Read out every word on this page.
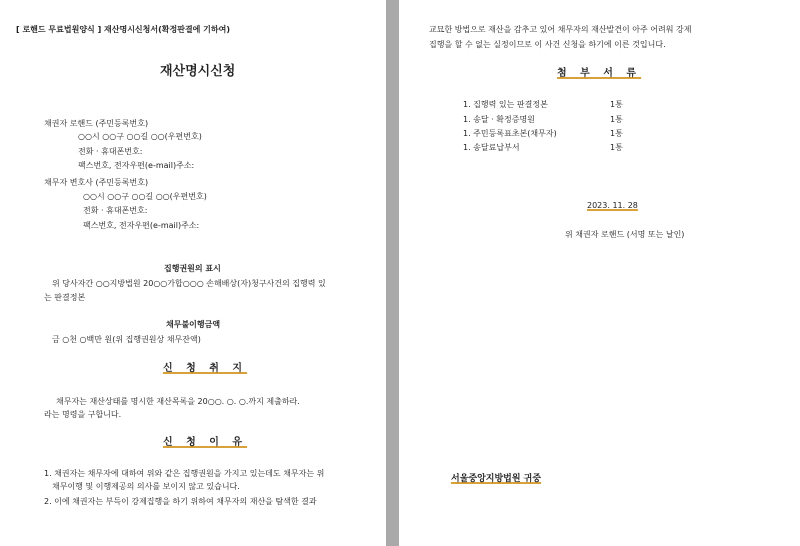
[ 로핸드 무료법원양식 ] 재산명시신청서(확정판결에 기하여)
재산명시신청
채권자 로핸드 (주민등록번호)
○○시 ○○구 ○○길 ○○(우편번호)
전화 · 휴대폰번호:
팩스번호, 전자우편(e-mail)주소:
채무자 변호사 (주민등록번호)
○○시 ○○구 ○○길 ○○(우편번호)
전화 · 휴대폰번호:
팩스번호, 전자우편(e-mail)주소:
집행권원의 표시
위 당사자간 ○○지방법원 20○○가합○○○ 손해배상(자)청구사건의 집행력 있
는 판결정본
채무불이행금액
금 ○천 ○백만 원(위 집행권원상 채무잔액)
신 청 취 지
채무자는 재산상태를 명시한 재산목록을 20○○. ○. ○.까지 제출하라.
라는 명령을 구합니다.
신 청 이 유
1. 채권자는 채무자에 대하여 위와 같은 집행권원을 가지고 있는데도 채무자는 위
채무이행 및 이행제공의 의사를 보이지 않고 있습니다.
2. 이에 채권자는 부득이 강제집행을 하기 위하여 채무자의 재산을 탐색한 결과
교묘한 방법으로 재산을 감추고 있어 채무자의 재산발견이 아주 어려워 강제
집행을 할 수 없는 실정이므로 이 사건 신청을 하기에 이른 것입니다.
첨 부 서 류
1. 집행력 있는 판결정본	1통
1. 송달 · 확정증명원	1통
1. 주민등록표초본(채무자)	1통
1. 송달료납부서	1통
2023. 11. 28
위 채권자 로핸드 (서명 또는 날인)
서울중앙지방법원 귀중
